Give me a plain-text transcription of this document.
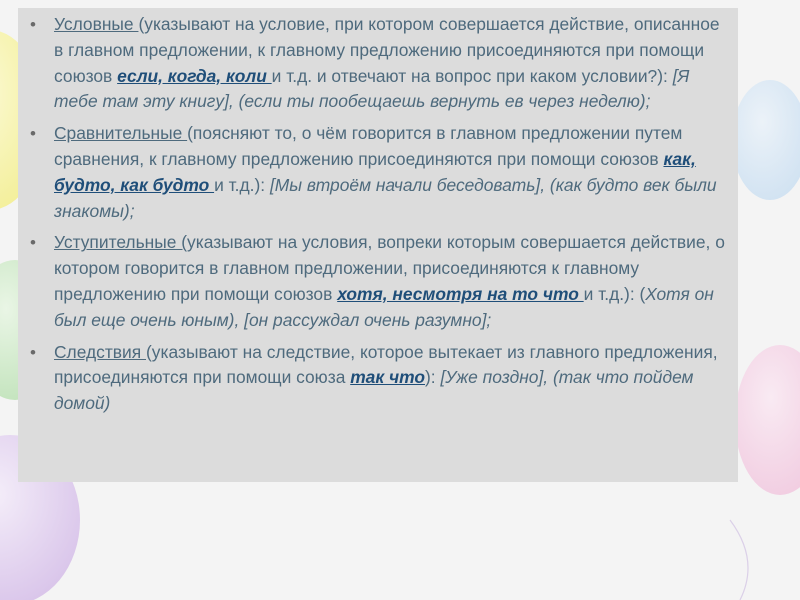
• Условные (указывают на условие, при котором совершается действие, описанное в главном предложении, к главному предложению присоединяются при помощи союзов если, когда, коли и т.д. и отвечают на вопрос при каком условии?): [Я тебе там эту книгу], (если ты пообещаешь вернуть ев через неделю);
• Сравнительные (поясняют то, о чём говорится в главном предложении путем сравнения, к главному предложению присоединяются при помощи союзов как, будто, как будто и т.д.): [Мы втроём начали беседовать], (как будто век были знакомы);
• Уступительные (указывают на условия, вопреки которым совершается действие, о котором говорится в главном предложении, присоединяются к главному предложению при помощи союзов хотя, несмотря на то что и т.д.): (Хотя он был еще очень юным), [он рассуждал очень разумно];
• Следствия (указывают на следствие, которое вытекает из главного предложения, присоединяются при помощи союза так что): [Уже поздно], (так что пойдем домой)
